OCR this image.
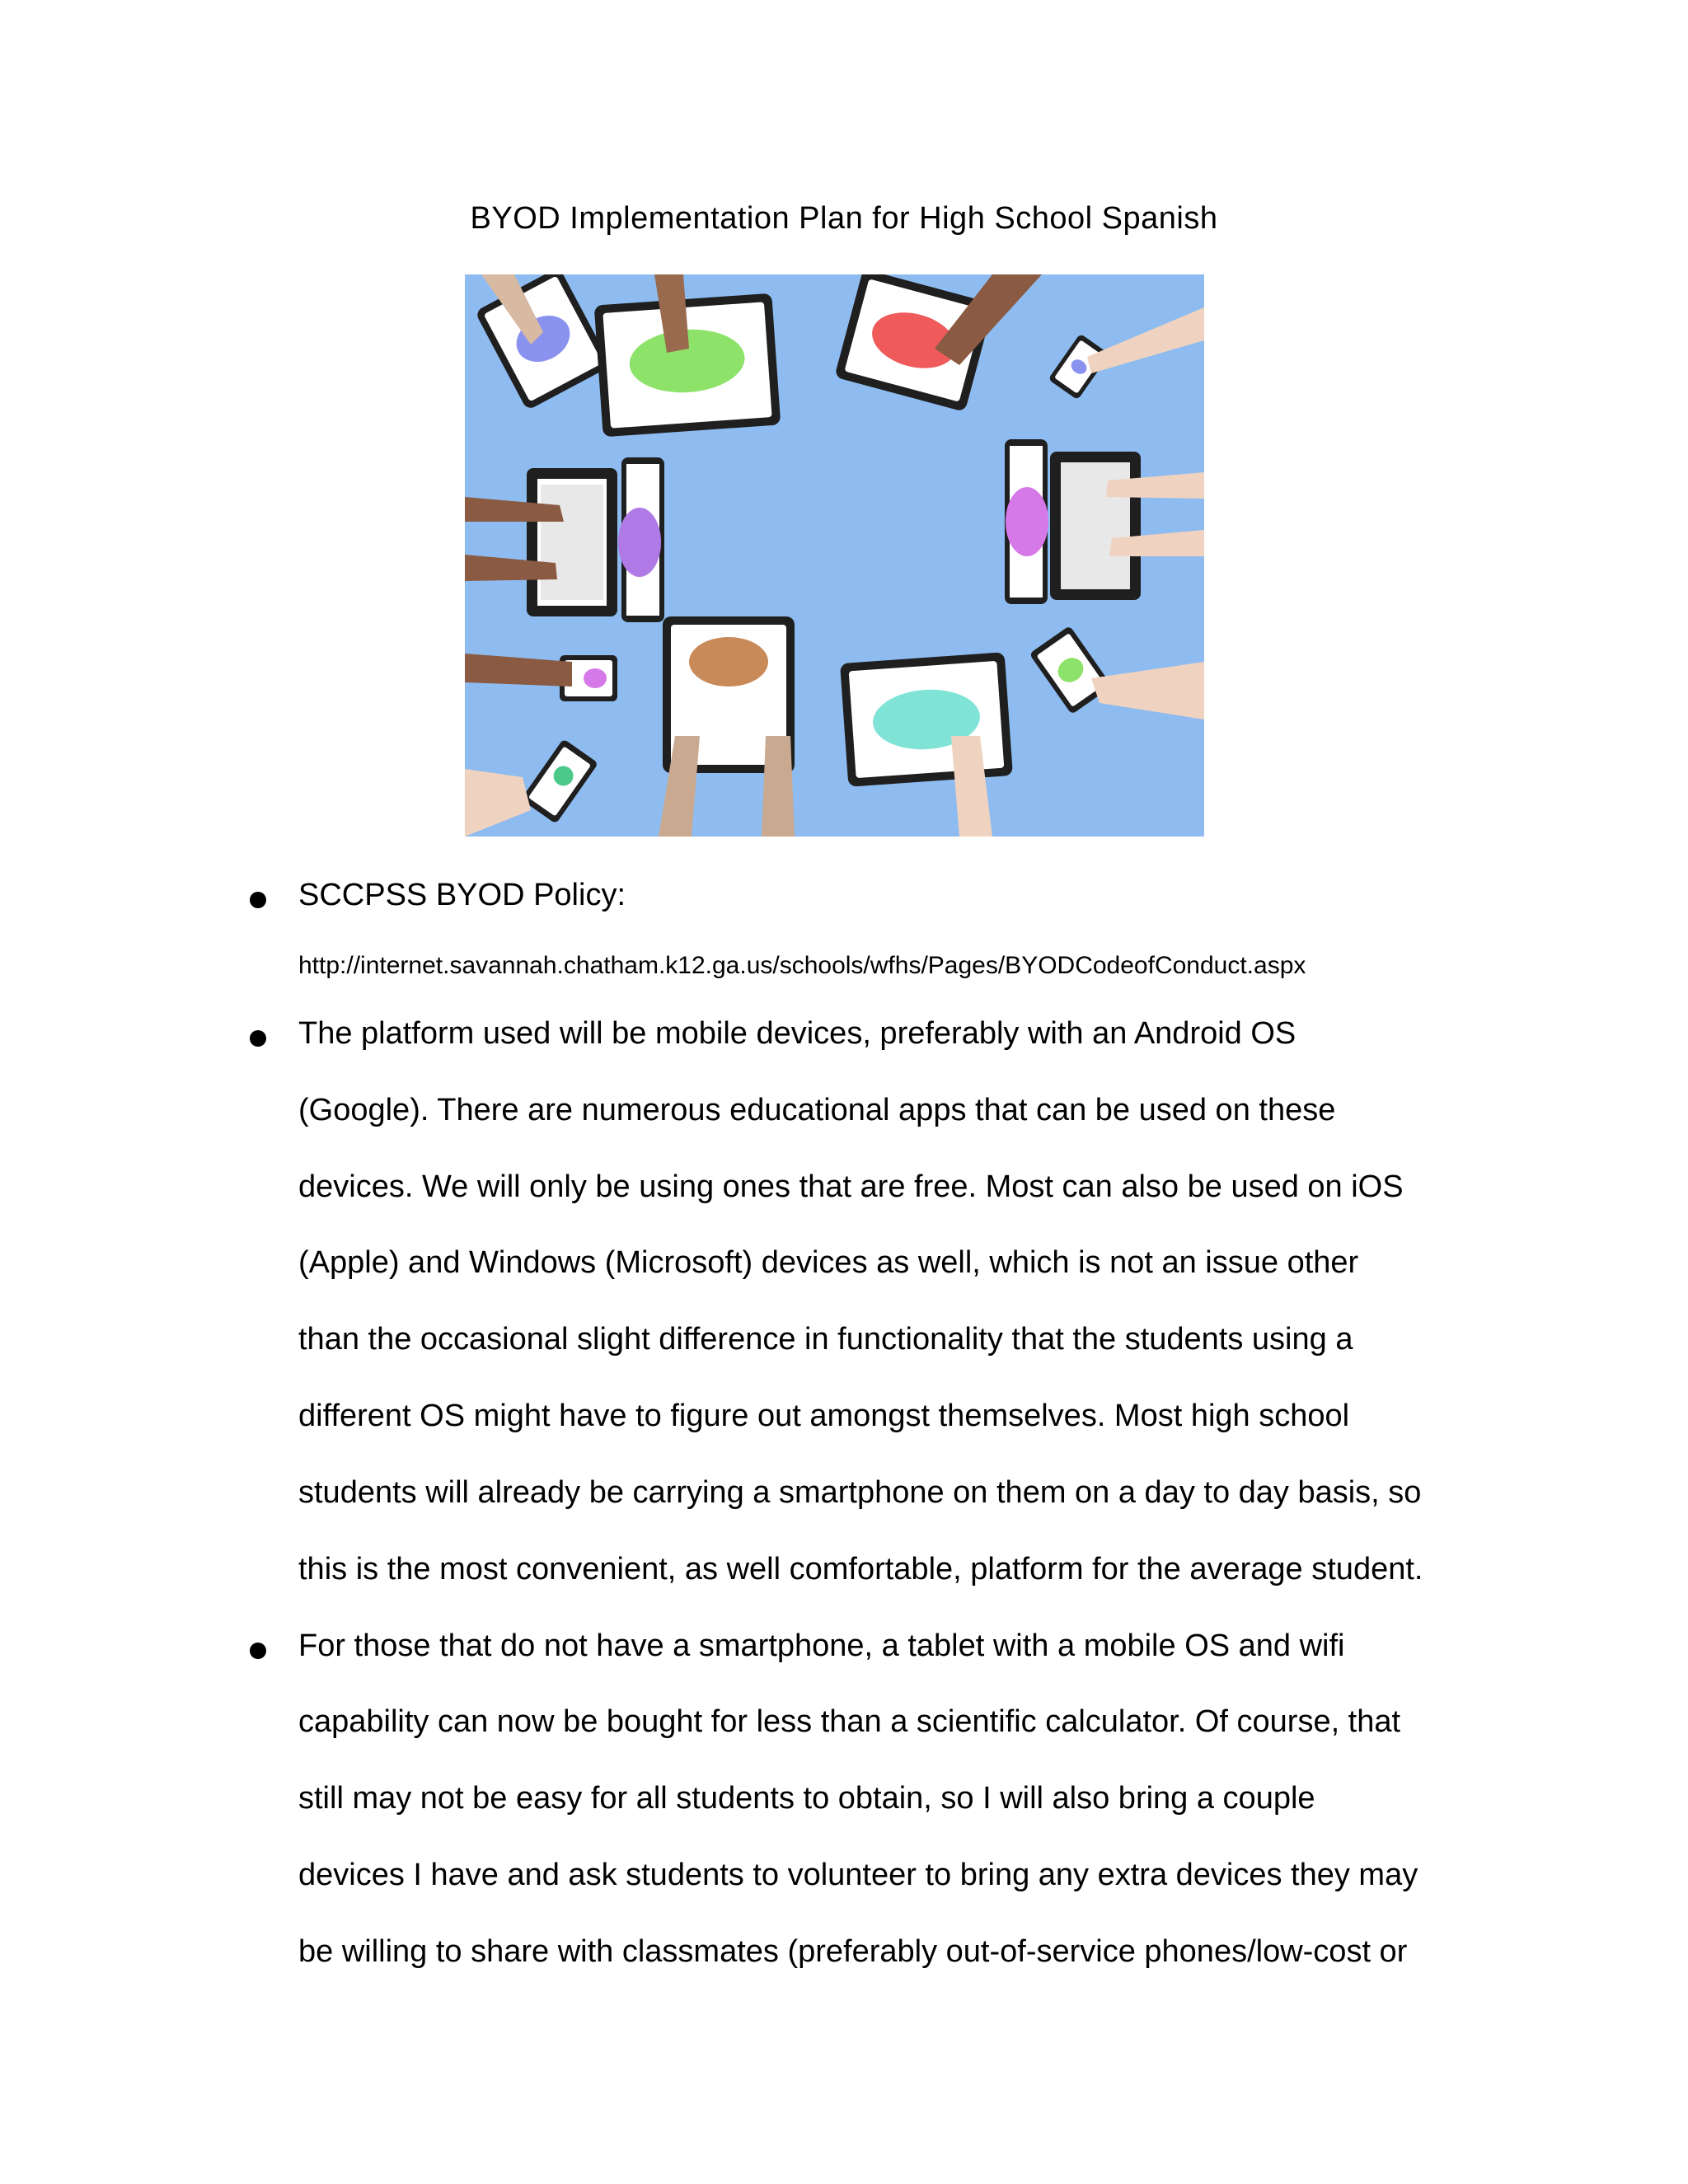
BYOD Implementation Plan for High School Spanish
SCCPSS BYOD Policy:
http://internet.savannah.chatham.k12.ga.us/schools/wfhs/Pages/BYODCodeofConduct.aspx
The platform used will be mobile devices, preferably with an Android OS
(Google). There are numerous educational apps that can be used on these
devices. We will only be using ones that are free. Most can also be used on iOS
(Apple) and Windows (Microsoft) devices as well, which is not an issue other
than the occasional slight difference in functionality that the students using a
different OS might have to figure out amongst themselves. Most high school
students will already be carrying a smartphone on them on a day to day basis, so
this is the most convenient, as well comfortable, platform for the average student.
For those that do not have a smartphone, a tablet with a mobile OS and wifi
capability can now be bought for less than a scientific calculator. Of course, that
still may not be easy for all students to obtain, so I will also bring a couple
devices I have and ask students to volunteer to bring any extra devices they may
be willing to share with classmates (preferably out-of-service phones/low-cost or
